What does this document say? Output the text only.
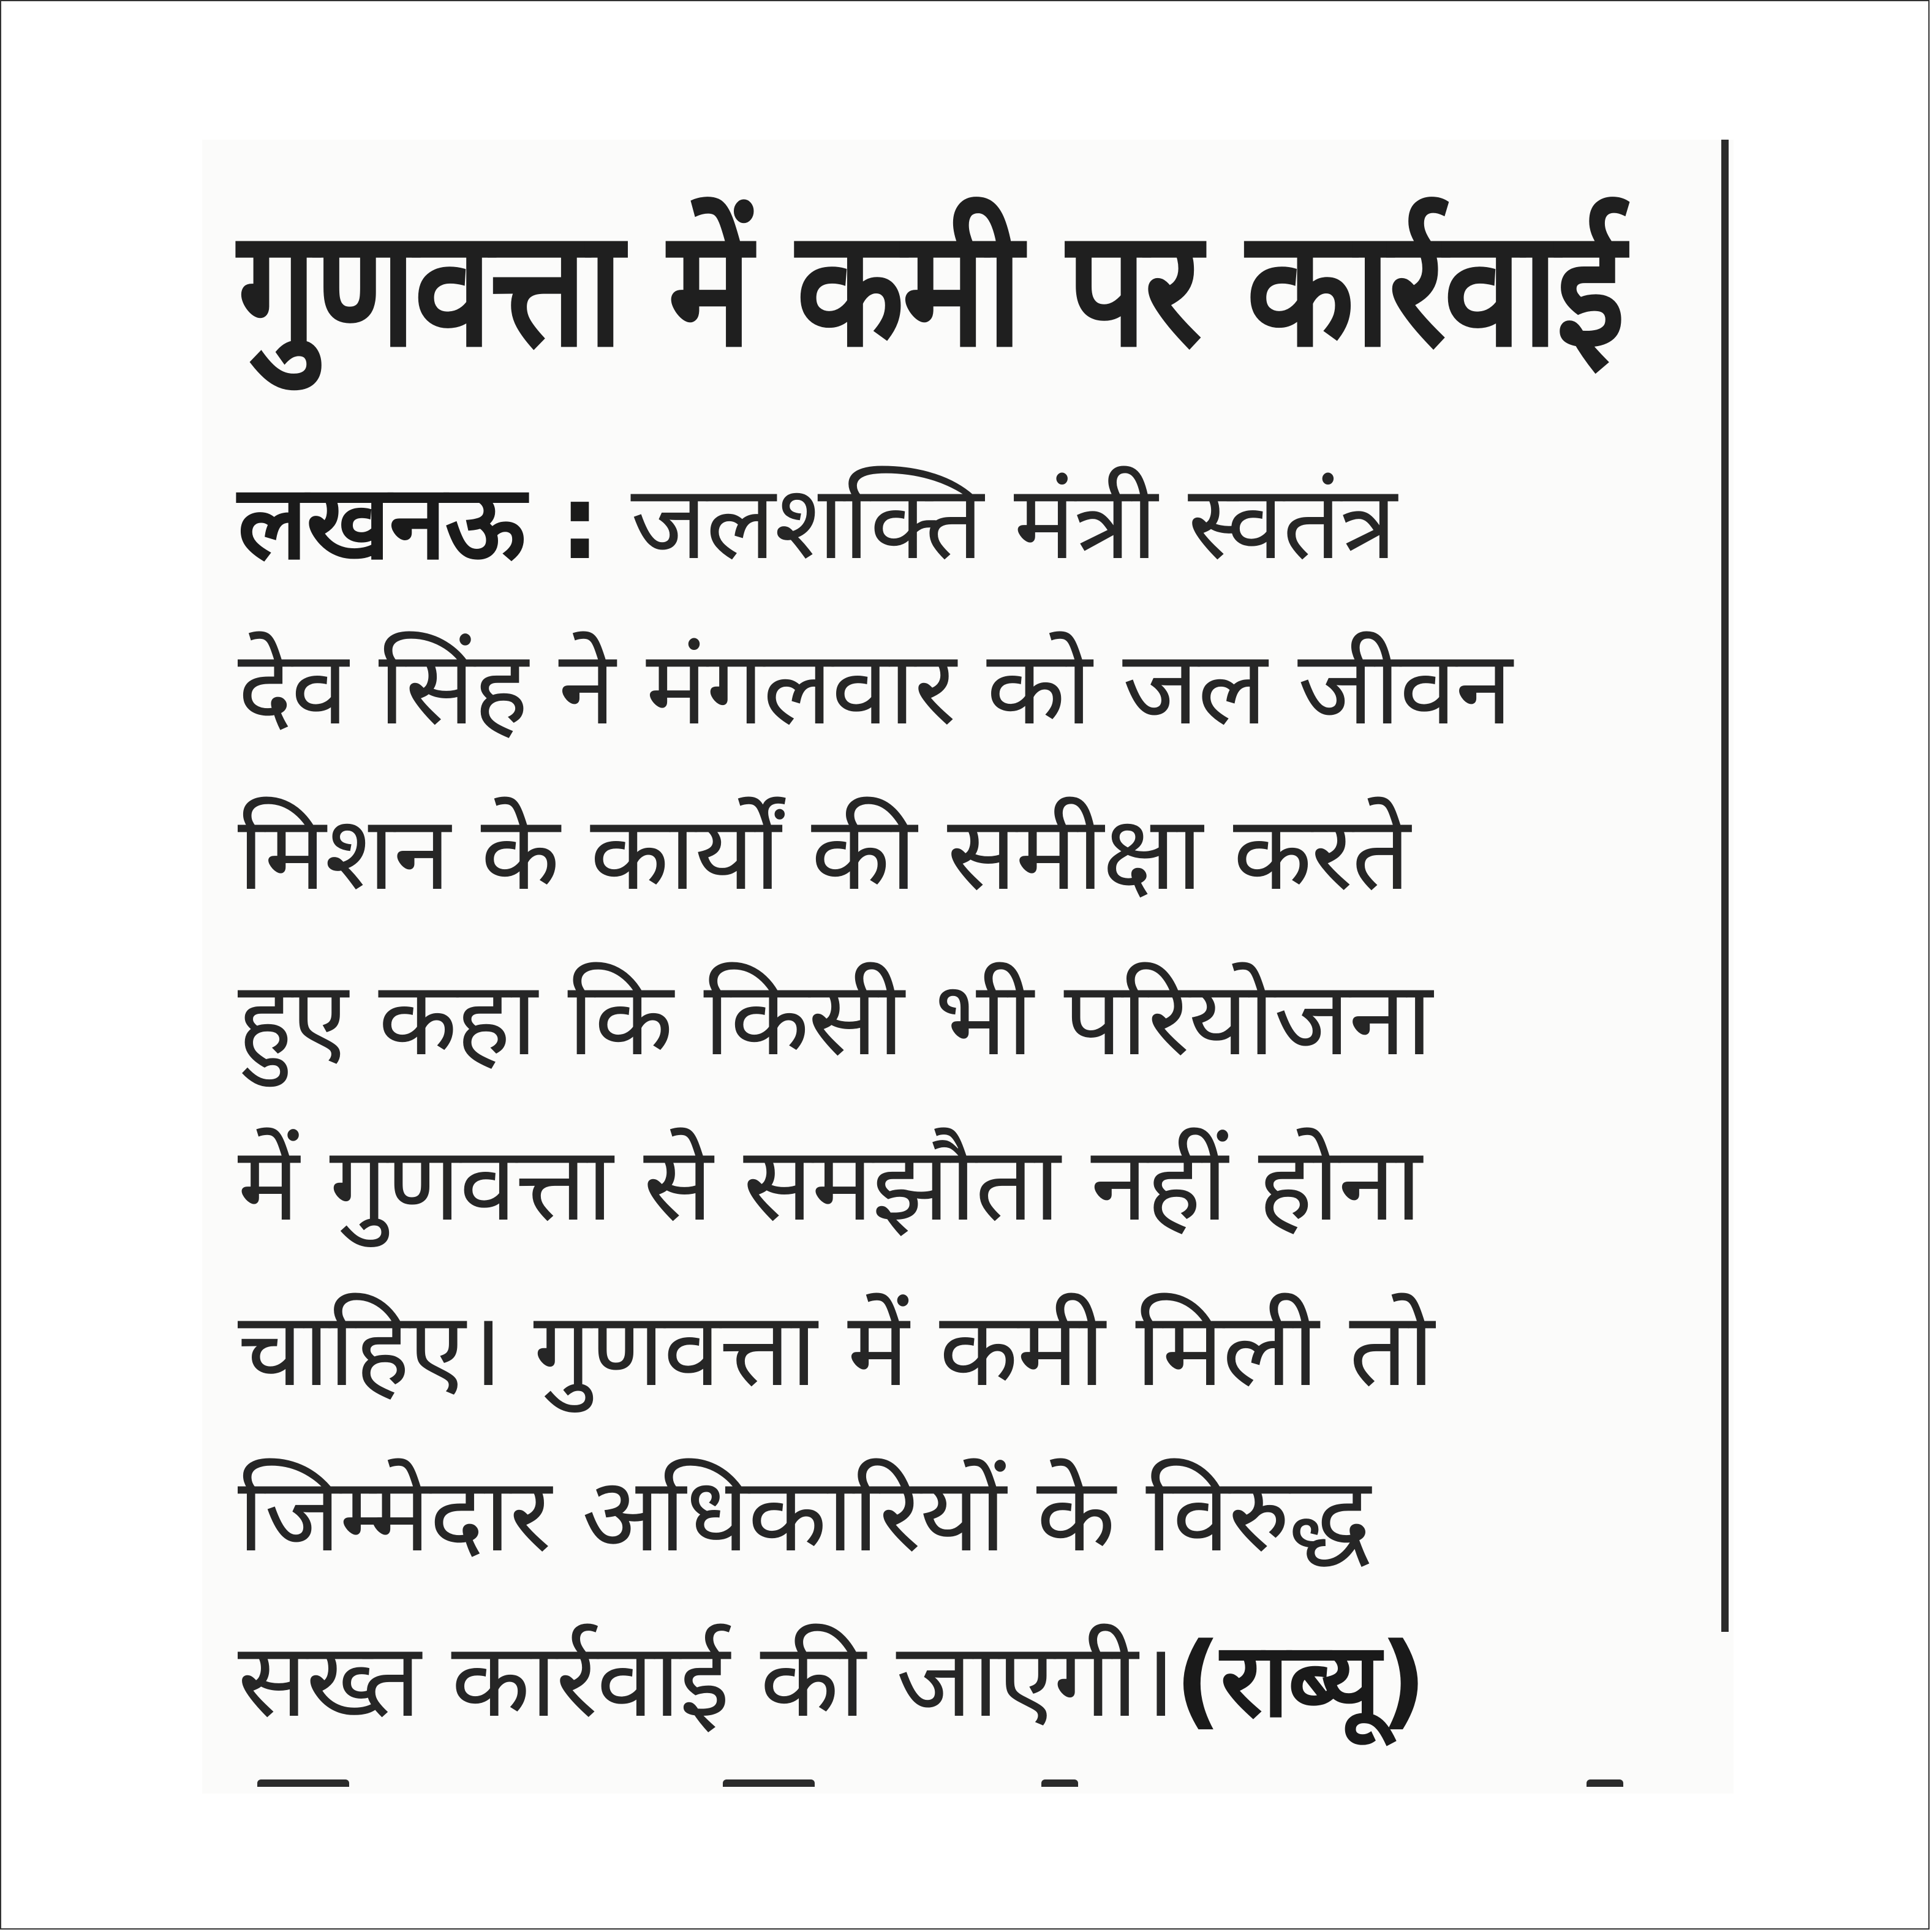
गुणवत्ता में कमी पर कार्रवाई
लखनऊ : जलशक्ति मंत्री स्वतंत्र
देव सिंह ने मंगलवार को जल जीवन
मिशन के कार्यों की समीक्षा करते
हुए कहा कि किसी भी परियोजना
में गुणवत्ता से समझौता नहीं होना
चाहिए। गुणवत्ता में कमी मिली तो
जिम्मेदार अधिकारियों के विरुद्ध
सख्त कार्रवाई की जाएगी।(राब्यू)
